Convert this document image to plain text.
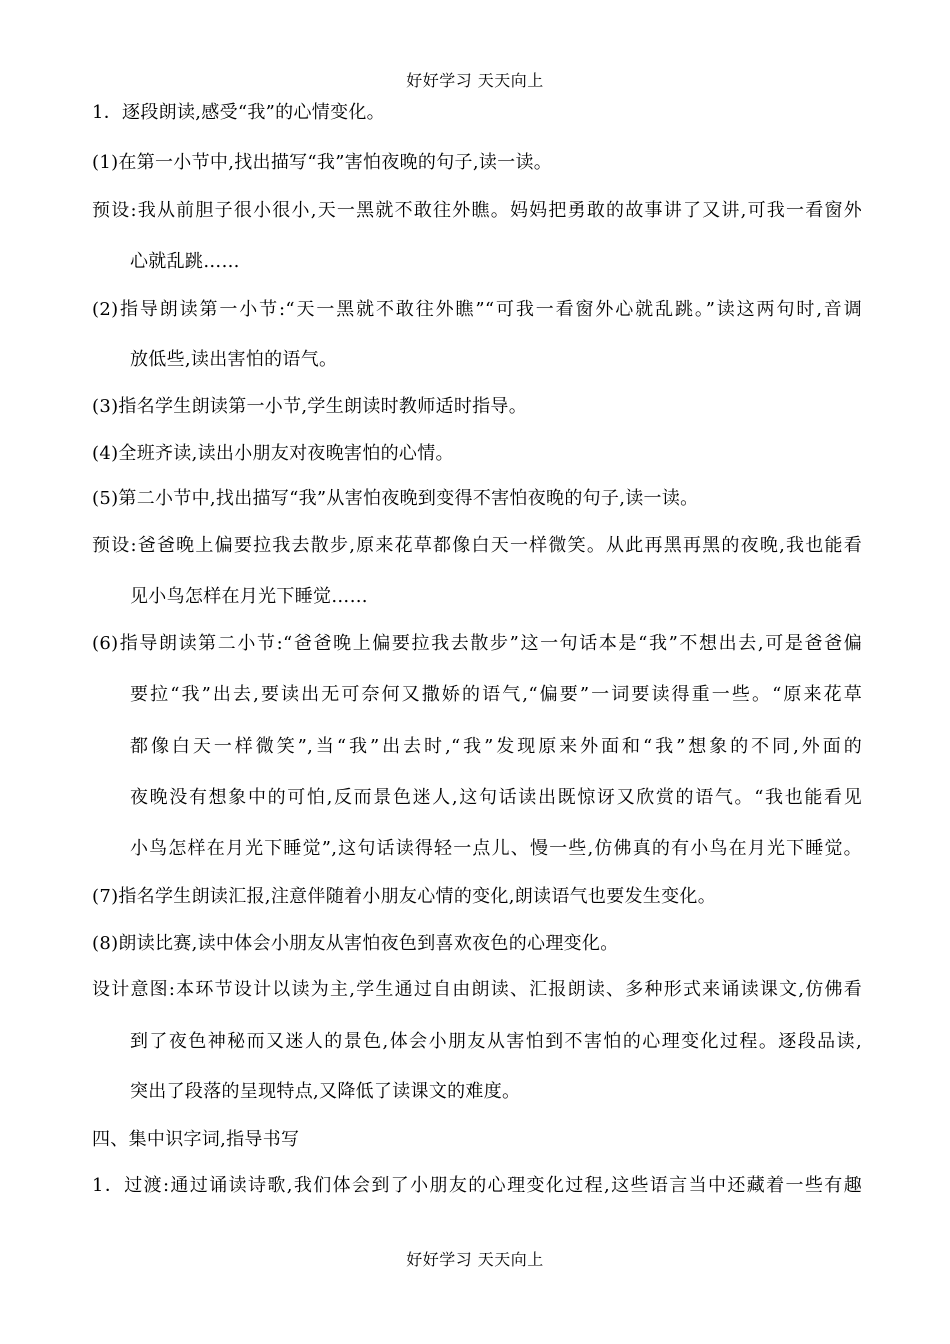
好好学习 天天向上
1．逐段朗读,感受“我”的心情变化。
(1)在第一小节中,找出描写“我”害怕夜晚的句子,读一读。
预设:我从前胆子很小很小,天一黑就不敢往外瞧。妈妈把勇敢的故事讲了又讲,可我一看窗外
心就乱跳……
(2)指导朗读第一小节:“天一黑就不敢往外瞧”“可我一看窗外心就乱跳。”读这两句时,音调
放低些,读出害怕的语气。
(3)指名学生朗读第一小节,学生朗读时教师适时指导。
(4)全班齐读,读出小朋友对夜晚害怕的心情。
(5)第二小节中,找出描写“我”从害怕夜晚到变得不害怕夜晚的句子,读一读。
预设:爸爸晚上偏要拉我去散步,原来花草都像白天一样微笑。从此再黑再黑的夜晚,我也能看
见小鸟怎样在月光下睡觉……
(6)指导朗读第二小节:“爸爸晚上偏要拉我去散步”这一句话本是“我”不想出去,可是爸爸偏
要拉“我”出去,要读出无可奈何又撒娇的语气,“偏要”一词要读得重一些。“原来花草
都像白天一样微笑”,当“我”出去时,“我”发现原来外面和“我”想象的不同,外面的
夜晚没有想象中的可怕,反而景色迷人,这句话读出既惊讶又欣赏的语气。“我也能看见
小鸟怎样在月光下睡觉”,这句话读得轻一点儿、慢一些,仿佛真的有小鸟在月光下睡觉。
(7)指名学生朗读汇报,注意伴随着小朋友心情的变化,朗读语气也要发生变化。
(8)朗读比赛,读中体会小朋友从害怕夜色到喜欢夜色的心理变化。
设计意图:本环节设计以读为主,学生通过自由朗读、汇报朗读、多种形式来诵读课文,仿佛看
到了夜色神秘而又迷人的景色,体会小朋友从害怕到不害怕的心理变化过程。逐段品读,
突出了段落的呈现特点,又降低了读课文的难度。
四、集中识字词,指导书写
1．过渡:通过诵读诗歌,我们体会到了小朋友的心理变化过程,这些语言当中还藏着一些有趣
好好学习 天天向上
